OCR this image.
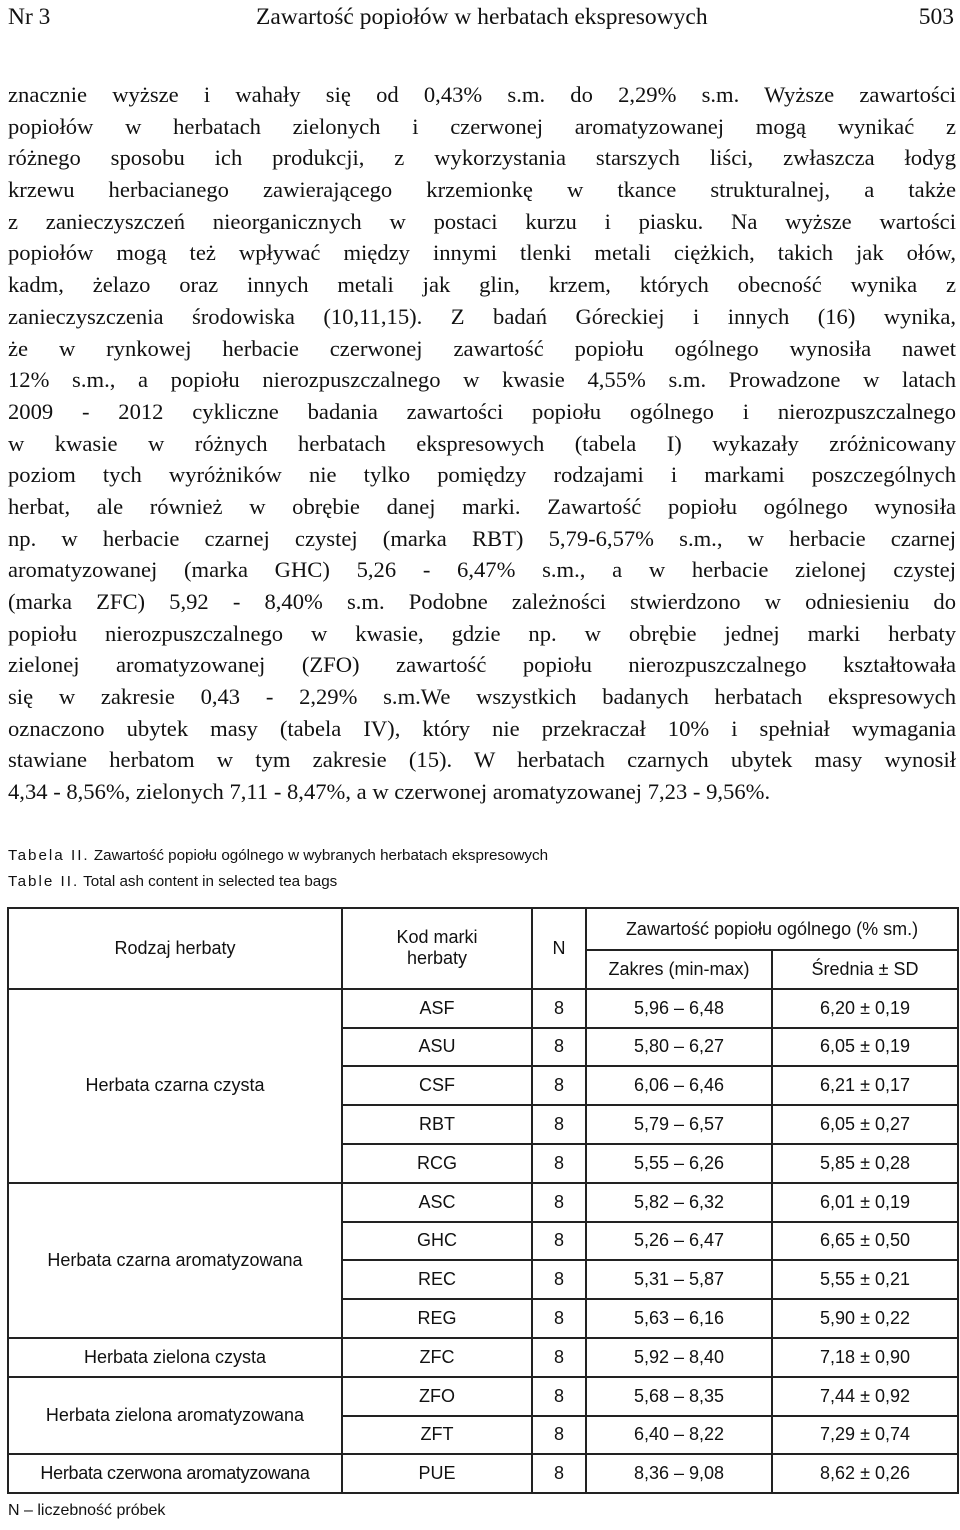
Nr 3	Zawartość popiołów w herbatach ekspresowych	503
znacznie wyższe i wahały się od 0,43% s.m. do 2,29% s.m. Wyższe zawartości
popiołów w herbatach zielonych i czerwonej aromatyzowanej mogą wynikać z
różnego sposobu ich produkcji, z wykorzystania starszych liści, zwłaszcza łodyg
krzewu herbacianego zawierającego krzemionkę w tkance strukturalnej, a także
z zanieczyszczeń nieorganicznych w postaci kurzu i piasku. Na wyższe wartości
popiołów mogą też wpływać między innymi tlenki metali ciężkich, takich jak ołów,
kadm, żelazo oraz innych metali jak glin, krzem, których obecność wynika z
zanieczyszczenia środowiska (10,11,15). Z badań Góreckiej i innych (16) wynika,
że w rynkowej herbacie czerwonej zawartość popiołu ogólnego wynosiła nawet
12% s.m., a popiołu nierozpuszczalnego w kwasie 4,55% s.m. Prowadzone w latach
2009 - 2012 cykliczne badania zawartości popiołu ogólnego i nierozpuszczalnego
w kwasie w różnych herbatach ekspresowych (tabela I) wykazały zróżnicowany
poziom tych wyróżników nie tylko pomiędzy rodzajami i markami poszczególnych
herbat, ale również w obrębie danej marki. Zawartość popiołu ogólnego wynosiła
np. w herbacie czarnej czystej (marka RBT) 5,79-6,57% s.m., w herbacie czarnej
aromatyzowanej (marka GHC) 5,26 - 6,47% s.m., a w herbacie zielonej czystej
(marka ZFC) 5,92 - 8,40% s.m. Podobne zależności stwierdzono w odniesieniu do
popiołu nierozpuszczalnego w kwasie, gdzie np. w obrębie jednej marki herbaty
zielonej aromatyzowanej (ZFO) zawartość popiołu nierozpuszczalnego kształtowała
się w zakresie 0,43 - 2,29% s.m.We wszystkich badanych herbatach ekspresowych
oznaczono ubytek masy (tabela IV), który nie przekraczał 10% i spełniał wymagania
stawiane herbatom w tym zakresie (15). W herbatach czarnych ubytek masy wynosił
4,34 - 8,56%, zielonych 7,11 - 8,47%, a w czerwonej aromatyzowanej 7,23 - 9,56%.
Tabela II. Zawartość popiołu ogólnego w wybranych herbatach ekspresowych
Table II. Total ash content in selected tea bags
Rodzaj herbaty	Kod marki herbaty	N	Zawartość popiołu ogólnego (% sm.)	
			Zakres (min-max)	Średnia ± SD
Herbata czarna czysta	ASF	8	5,96 – 6,48	6,20 ± 0,19
	ASU	8	5,80 – 6,27	6,05 ± 0,19
	CSF	8	6,06 – 6,46	6,21 ± 0,17
	RBT	8	5,79 – 6,57	6,05 ± 0,27
	RCG	8	5,55 – 6,26	5,85 ± 0,28
Herbata czarna aromatyzowana	ASC	8	5,82 – 6,32	6,01 ± 0,19
	GHC	8	5,26 – 6,47	6,65 ± 0,50
	REC	8	5,31 – 5,87	5,55 ± 0,21
	REG	8	5,63 – 6,16	5,90 ± 0,22
Herbata zielona czysta	ZFC	8	5,92 – 8,40	7,18 ± 0,90
Herbata zielona aromatyzowana	ZFO	8	5,68 – 8,35	7,44 ± 0,92
	ZFT	8	6,40 – 8,22	7,29 ± 0,74
Herbata czerwona aromatyzowana	PUE	8	8,36 – 9,08	8,62 ± 0,26
N – liczebność próbek
